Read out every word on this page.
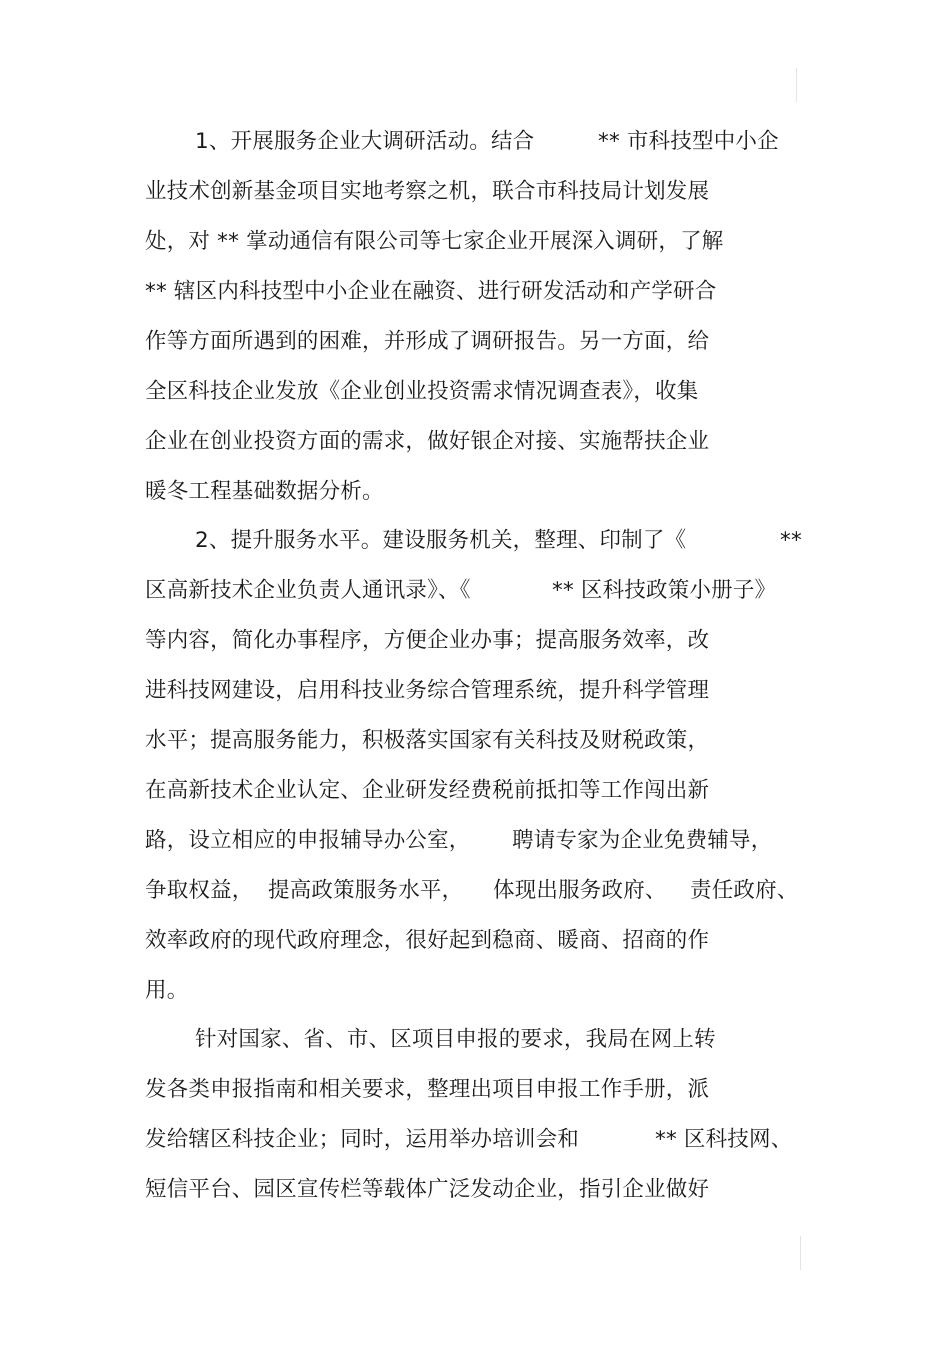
1、开展服务企业大调研活动。结合	** 市科技型中小企
业技术创新基金项目实地考察之机，联合市科技局计划发展
处，对 ** 掌动通信有限公司等七家企业开展深入调研，了解
** 辖区内科技型中小企业在融资、进行研发活动和产学研合
作等方面所遇到的困难，并形成了调研报告。另一方面，给
全区科技企业发放《企业创业投资需求情况调查表》，收集
企业在创业投资方面的需求，做好银企对接、实施帮扶企业
暖冬工程基础数据分析。
2、提升服务水平。建设服务机关，整理、印制了《	**
区高新技术企业负责人通讯录》、《	** 区科技政策小册子》
等内容，简化办事程序，方便企业办事；提高服务效率，改
进科技网建设，启用科技业务综合管理系统，提升科学管理
水平；提高服务能力，积极落实国家有关科技及财税政策，
在高新技术企业认定、企业研发经费税前抵扣等工作闯出新
路，设立相应的申报辅导办公室， 聘请专家为企业免费辅导，
争取权益， 提高政策服务水平， 体现出服务政府、 责任政府、
效率政府的现代政府理念，很好起到稳商、暖商、招商的作
用。
针对国家、省、市、区项目申报的要求，我局在网上转
发各类申报指南和相关要求，整理出项目申报工作手册，派
发给辖区科技企业；同时，运用举办培训会和	** 区科技网、
短信平台、园区宣传栏等载体广泛发动企业，指引企业做好
